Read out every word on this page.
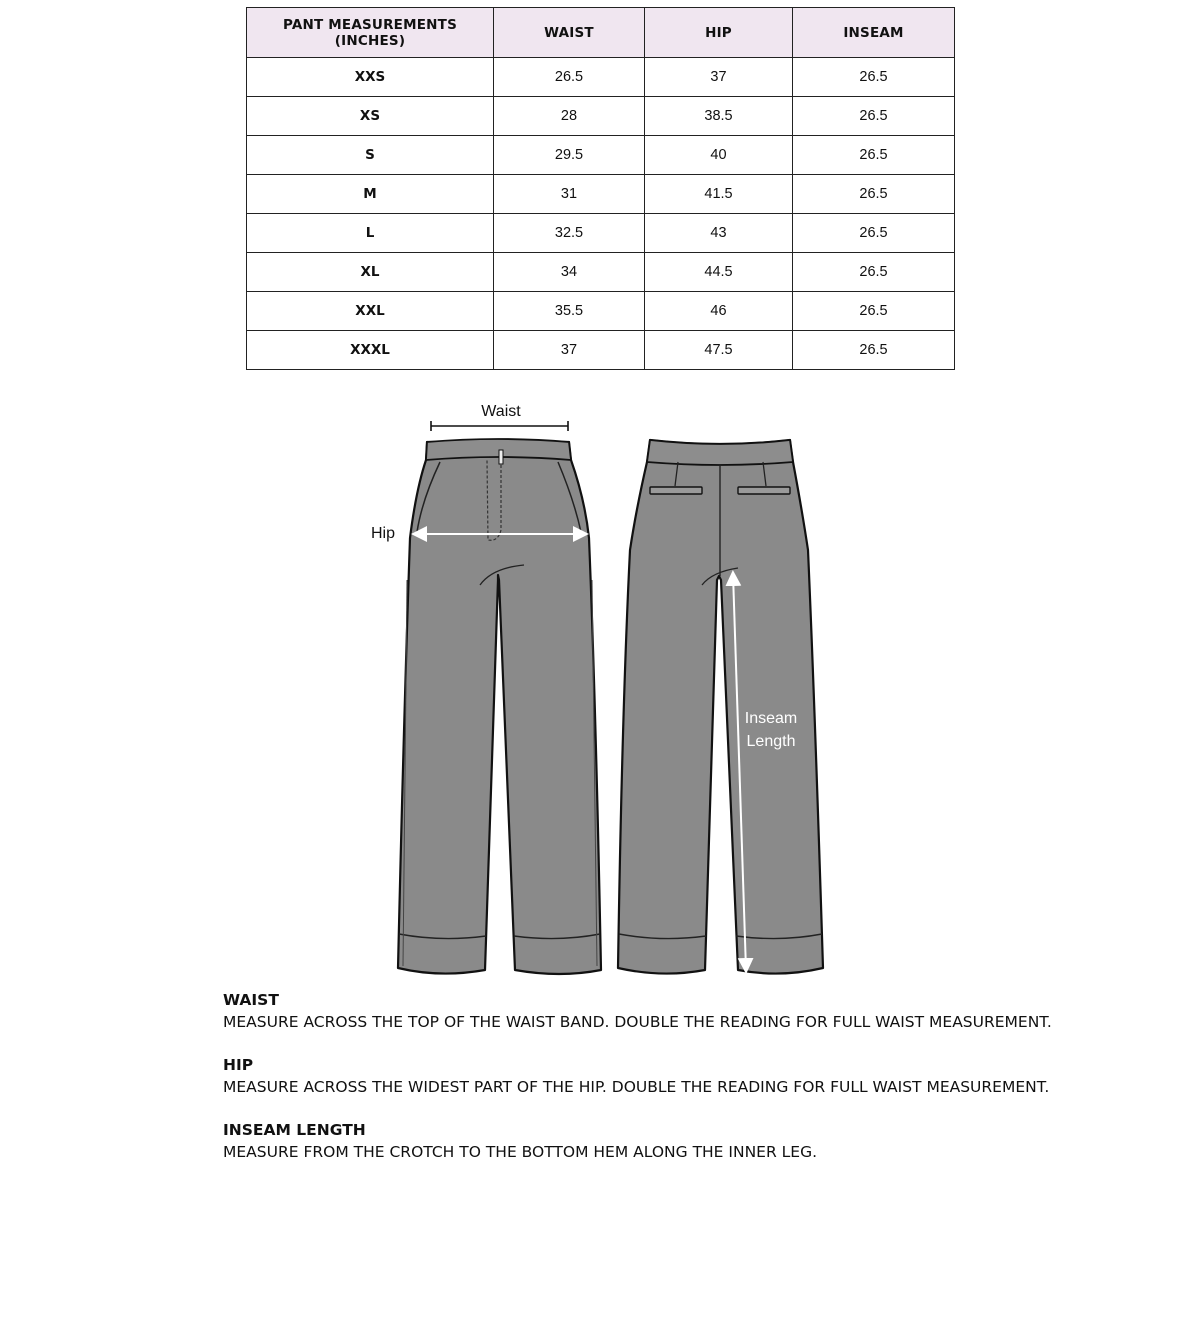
PANT MEASUREMENTS (INCHES)	WAIST	HIP	INSEAM
XXS	26.5	37	26.5
XS	28	38.5	26.5
S	29.5	40	26.5
M	31	41.5	26.5
L	32.5	43	26.5
XL	34	44.5	26.5
XXL	35.5	46	26.5
XXXL	37	47.5	26.5
Waist
Hip
Inseam
Length
WAIST
MEASURE ACROSS THE TOP OF THE WAIST BAND. DOUBLE THE READING FOR FULL WAIST MEASUREMENT.
HIP
MEASURE ACROSS THE WIDEST PART OF THE HIP. DOUBLE THE READING FOR FULL WAIST MEASUREMENT.
INSEAM LENGTH
MEASURE FROM THE CROTCH TO THE BOTTOM HEM ALONG THE INNER LEG.
